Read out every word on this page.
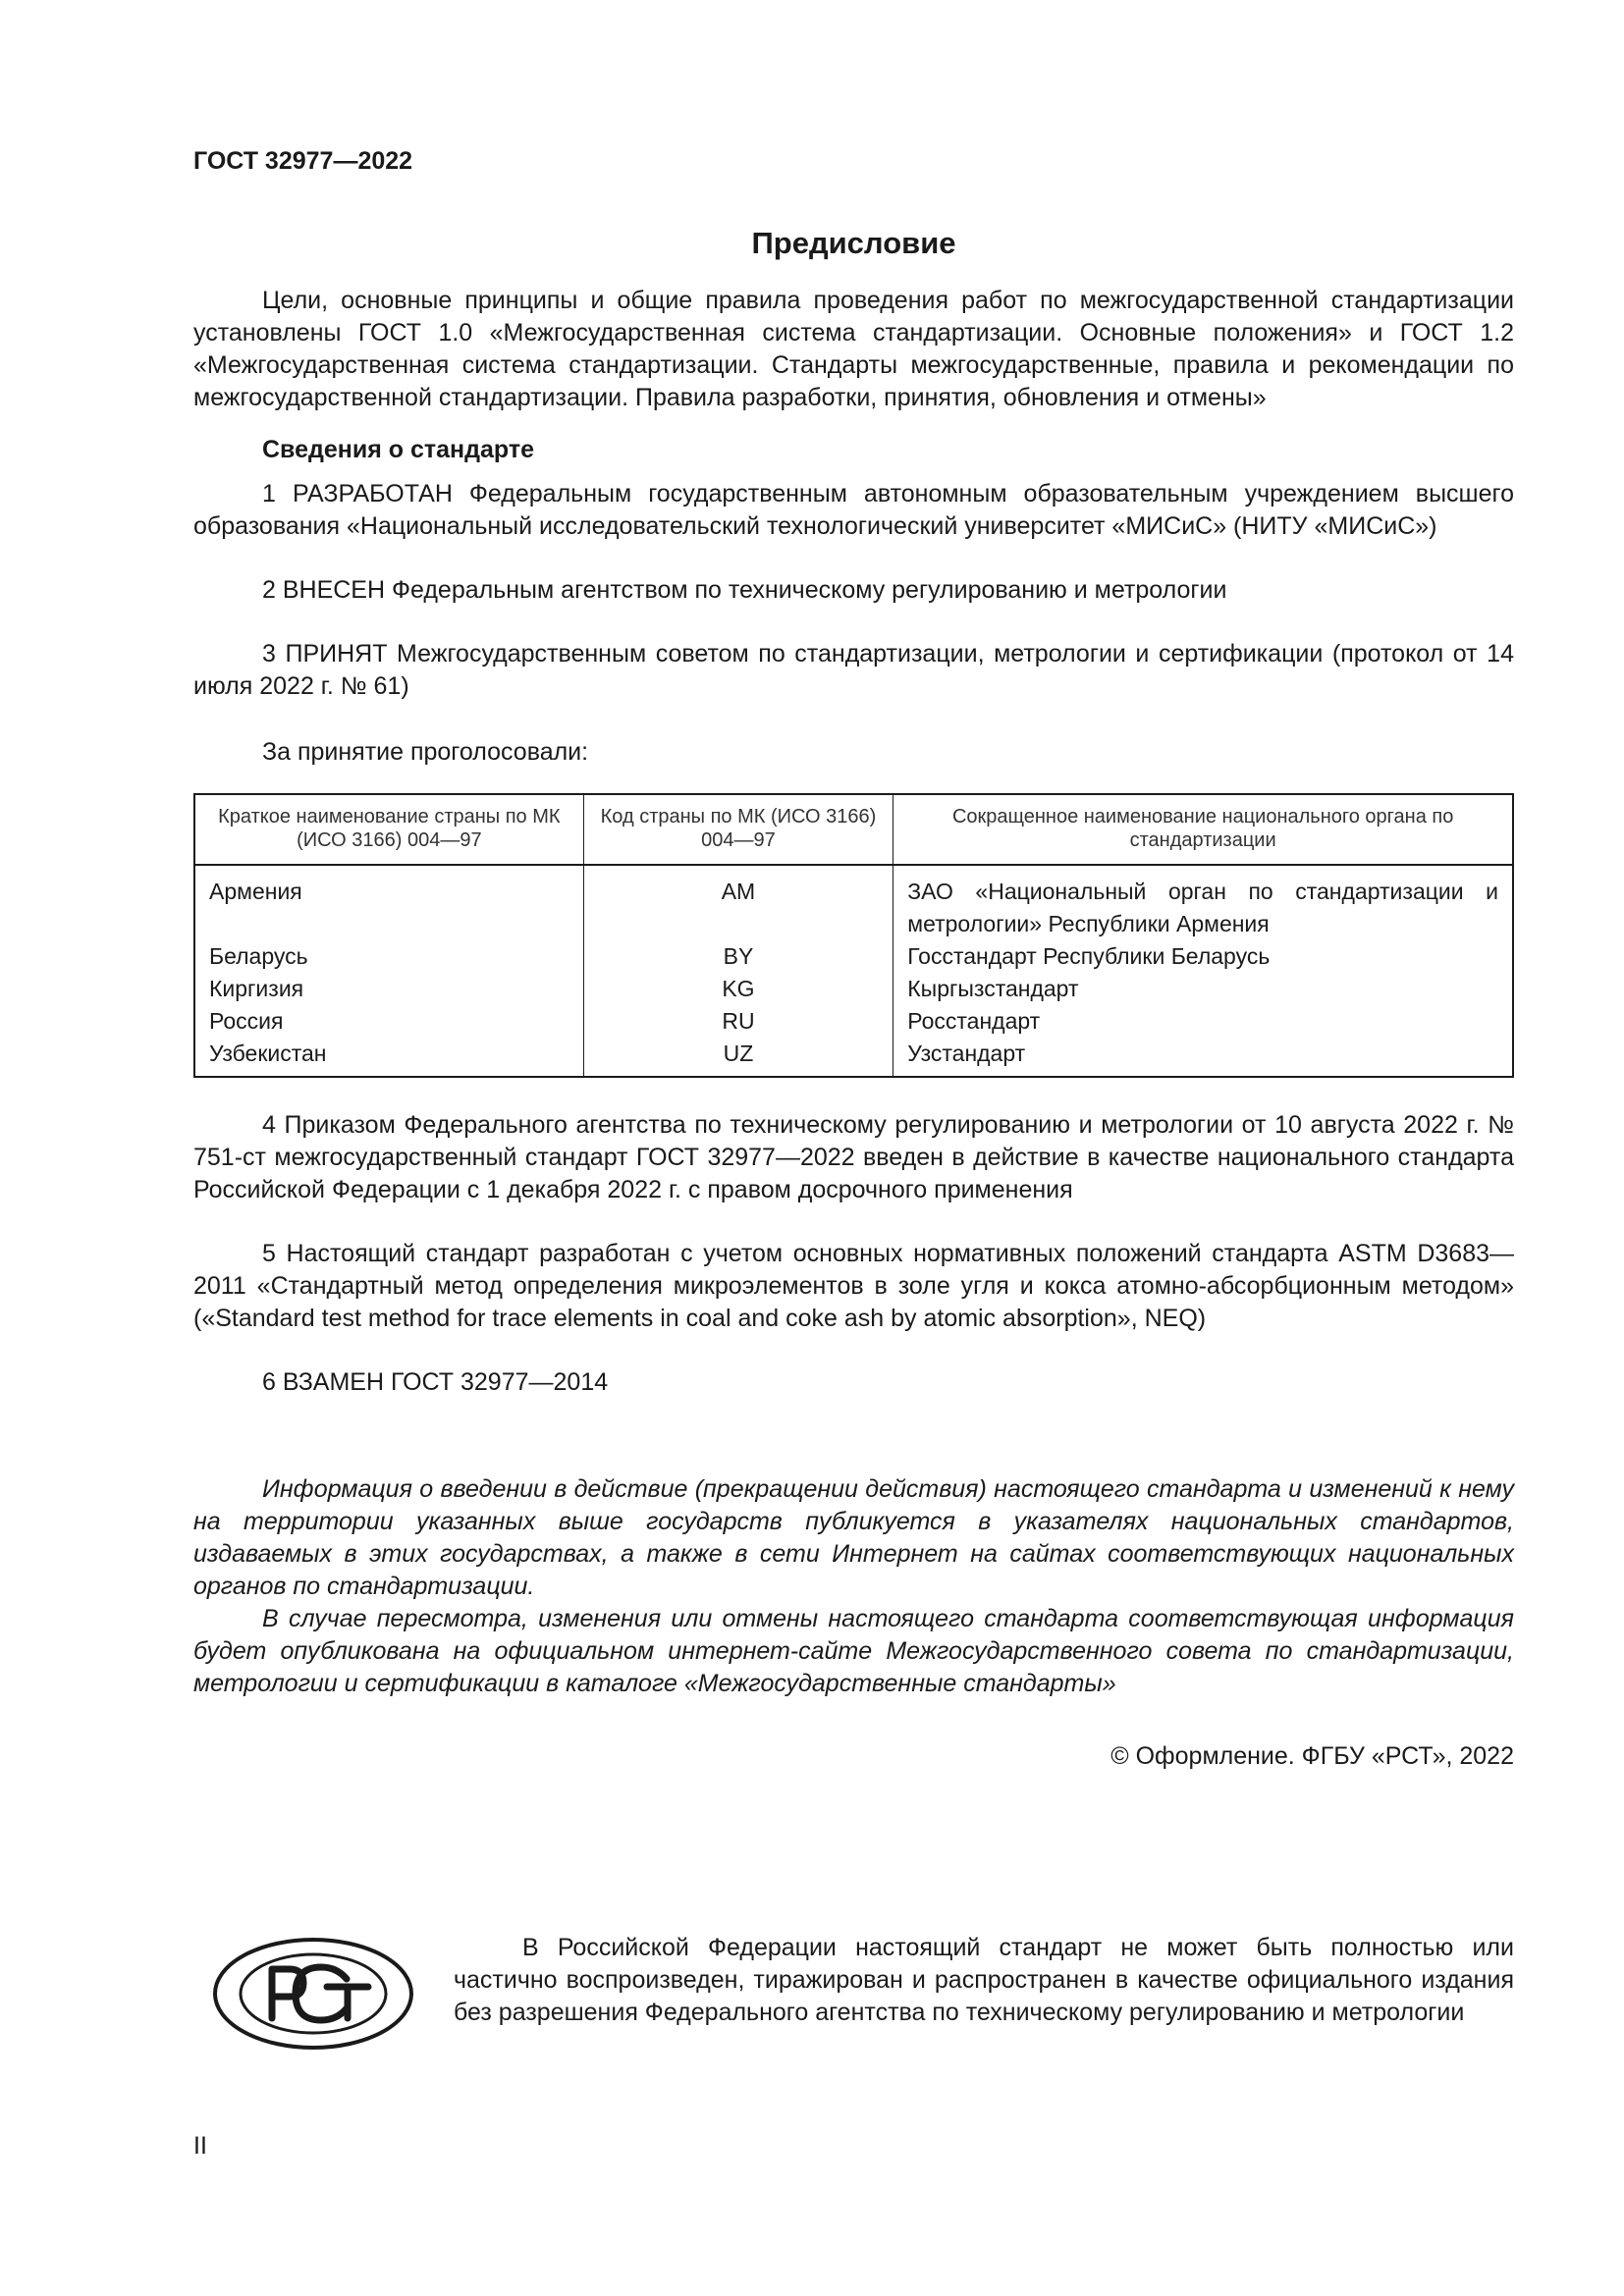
ГОСТ 32977—2022
Предисловие

Цели, основные принципы и общие правила проведения работ по межгосударственной стандартизации установлены ГОСТ 1.0 «Межгосударственная система стандартизации. Основные положения» и ГОСТ 1.2 «Межгосударственная система стандартизации. Стандарты межгосударственные, правила и рекомендации по межгосударственной стандартизации. Правила разработки, принятия, обновления и отмены»

Сведения о стандарте

1 РАЗРАБОТАН Федеральным государственным автономным образовательным учреждением высшего образования «Национальный исследовательский технологический университет «МИСиС» (НИТУ «МИСиС»)

2 ВНЕСЕН Федеральным агентством по техническому регулированию и метрологии

3 ПРИНЯТ Межгосударственным советом по стандартизации, метрологии и сертификации (протокол от 14 июля 2022 г. № 61)

За принятие проголосовали:

Краткое наименование страны по МК (ИСО 3166) 004—97	Код страны по МК (ИСО 3166) 004—97	Сокращенное наименование национального органа по стандартизации
Армения	AM	ЗАО «Национальный орган по стандартизации и метрологии» Республики Армения
Беларусь	BY	Госстандарт Республики Беларусь
Киргизия	KG	Кыргызстандарт
Россия	RU	Росстандарт
Узбекистан	UZ	Узстандарт

4 Приказом Федерального агентства по техническому регулированию и метрологии от 10 августа 2022 г. № 751-ст межгосударственный стандарт ГОСТ 32977—2022 введен в действие в качестве национального стандарта Российской Федерации с 1 декабря 2022 г. с правом досрочного применения

5 Настоящий стандарт разработан с учетом основных нормативных положений стандарта ASTM D3683—2011 «Стандартный метод определения микроэлементов в золе угля и кокса атомно-абсорбционным методом» («Standard test method for trace elements in coal and coke ash by atomic absorption», NEQ)

6 ВЗАМЕН ГОСТ 32977—2014

Информация о введении в действие (прекращении действия) настоящего стандарта и изменений к нему на территории указанных выше государств публикуется в указателях национальных стандартов, издаваемых в этих государствах, а также в сети Интернет на сайтах соответствующих национальных органов по стандартизации.

В случае пересмотра, изменения или отмены настоящего стандарта соответствующая информация будет опубликована на официальном интернет-сайте Межгосударственного совета по стандартизации, метрологии и сертификации в каталоге «Межгосударственные стандарты»

© Оформление. ФГБУ «РСТ», 2022

В Российской Федерации настоящий стандарт не может быть полностью или частично воспроизведен, тиражирован и распространен в качестве официального издания без разрешения Федерального агентства по техническому регулированию и метрологии

II
